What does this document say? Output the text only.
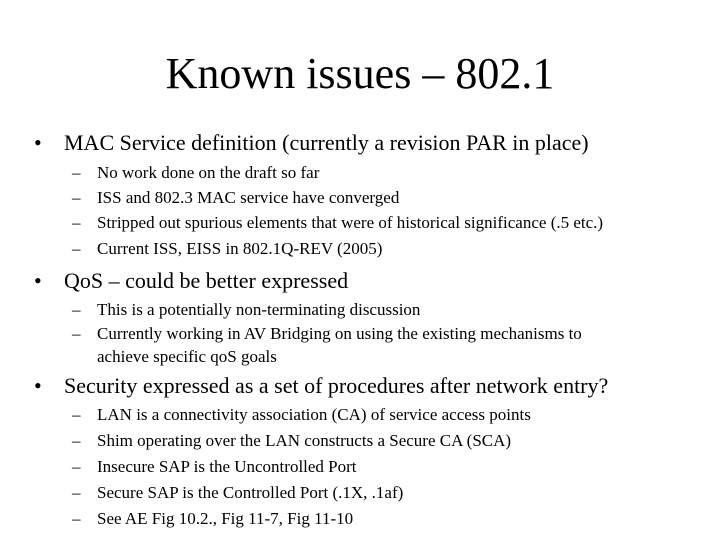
Known issues – 802.1
• MAC Service definition (currently a revision PAR in place)
– No work done on the draft so far
– ISS and 802.3 MAC service have converged
– Stripped out spurious elements that were of historical significance (.5 etc.)
– Current ISS, EISS in 802.1Q-REV (2005)
• QoS – could be better expressed
– This is a potentially non-terminating discussion
– Currently working in AV Bridging on using the existing mechanisms to
achieve specific qoS goals
• Security expressed as a set of procedures after network entry?
– LAN is a connectivity association (CA) of service access points
– Shim operating over the LAN constructs a Secure CA (SCA)
– Insecure SAP is the Uncontrolled Port
– Secure SAP is the Controlled Port (.1X, .1af)
– See AE Fig 10.2., Fig 11-7, Fig 11-10
